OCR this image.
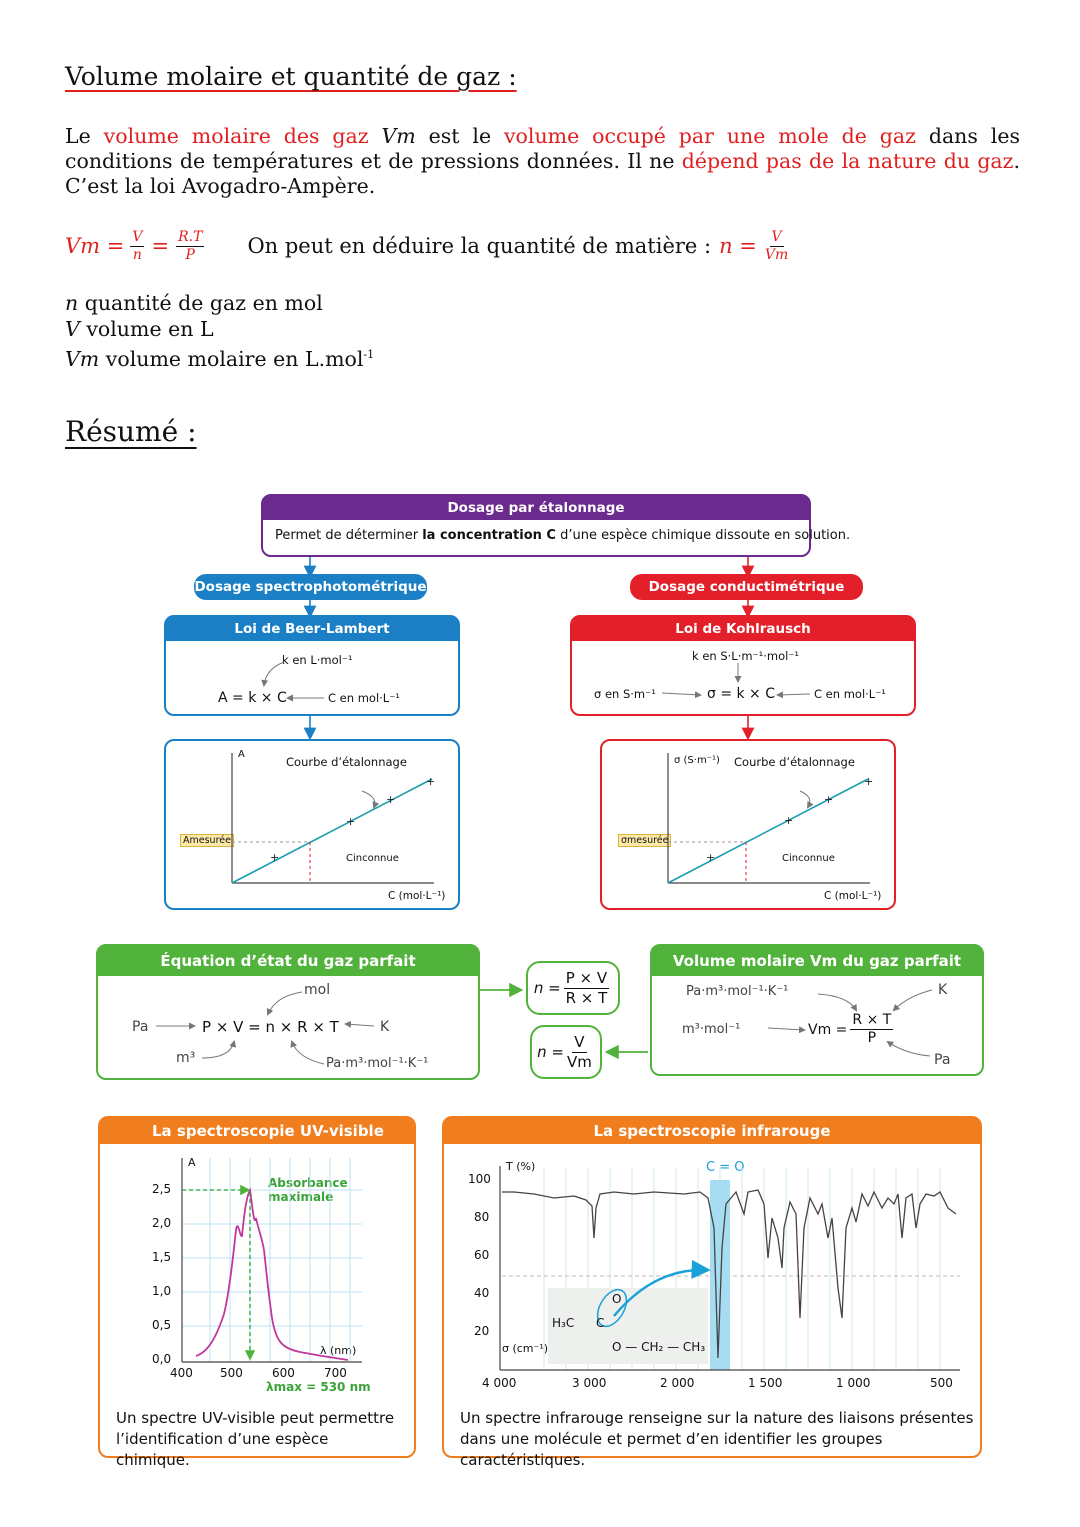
Volume molaire et quantité de gaz :
Le volume molaire des gaz Vm est le volume occupé par une mole de gaz dans les conditions de températures et de pressions données. Il ne dépend pas de la nature du gaz. C’est la loi Avogadro-Ampère.
$Vm = \frac{V}{n} = \frac{R.T}{P}$ On peut en déduire la quantité de matière : $n = \frac{V}{Vm}$
n quantité de gaz en mol
V volume en L
Vm volume molaire en L.mol$^{-1}$
Résumé :
Dosage par étalonnage
Permet de déterminer la concentration C d’une espèce chimique dissoute en solution.
Dosage spectrophotométrique
Loi de Beer-Lambert
k en L·mol⁻¹
A = k × C	C en mol·L⁻¹
Courbe d’étalonnage
A
C (mol·L⁻¹)
Amesurée
Cinconnue
+
+
+
+
Dosage conductimétrique
Loi de Kohlrausch
k en S·L·m⁻¹·mol⁻¹
σ en S·m⁻¹	σ = k × C	C en mol·L⁻¹
σ (S·m⁻¹) Courbe d’étalonnage
C (mol·L⁻¹)
σmesurée
Cinconnue
+
+
+
+
Équation d’état du gaz parfait
mol
Pa	P × V = n × R × T	K
m³	Pa·m³·mol⁻¹·K⁻¹
$n = \frac{P \times V}{R \times T}$
$n = \frac{V}{Vm}$
Volume molaire Vm du gaz parfait
Pa·m³·mol⁻¹·K⁻¹	K
m³·mol⁻¹	$Vm = \frac{R \times T}{P}$
Pa
La spectroscopie UV-visible
A
Absorbance maximale
λ (nm)
λmax = 530 nm
2,5
2,0
1,5
1,0
0,5
0,0
400 500 600 700
Un spectre UV-visible peut permettre l’identification d’une espèce chimique.
La spectroscopie infrarouge
T (%)	C = O
σ (cm⁻¹)
100
80
60
40
20
4 000	3 000	2 000	1 500	1 000	500
H₃C C
O
O — CH₂ — CH₃
Un spectre infrarouge renseigne sur la nature des liaisons présentes dans une molécule et permet d’en identifier les groupes caractéristiques.
